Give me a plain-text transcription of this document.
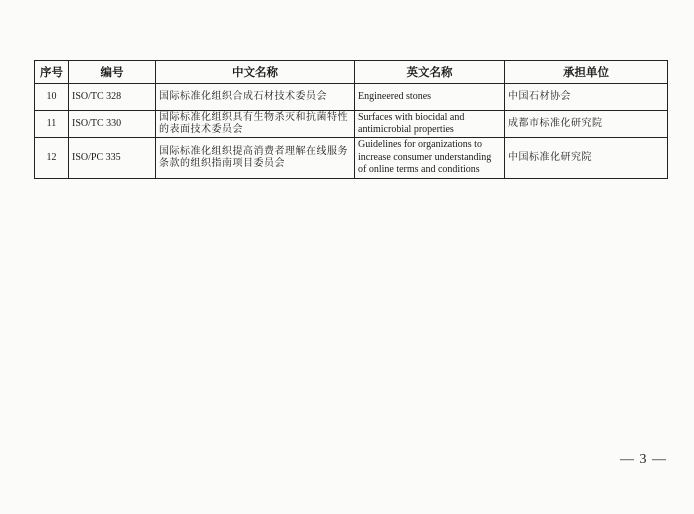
序号	编号	中文名称	英文名称	承担单位
10	ISO/TC 328	国际标准化组织合成石材技术委员会	Engineered stones	中国石材协会
11	ISO/TC 330	国际标准化组织具有生物杀灭和抗菌特性的表面技术委员会	Surfaces with biocidal and antimicrobial properties	成都市标准化研究院
12	ISO/PC 335	国际标准化组织提高消费者理解在线服务条款的组织指南项目委员会	Guidelines for organizations to increase consumer understanding of online terms and conditions	中国标准化研究院
— 3 —
